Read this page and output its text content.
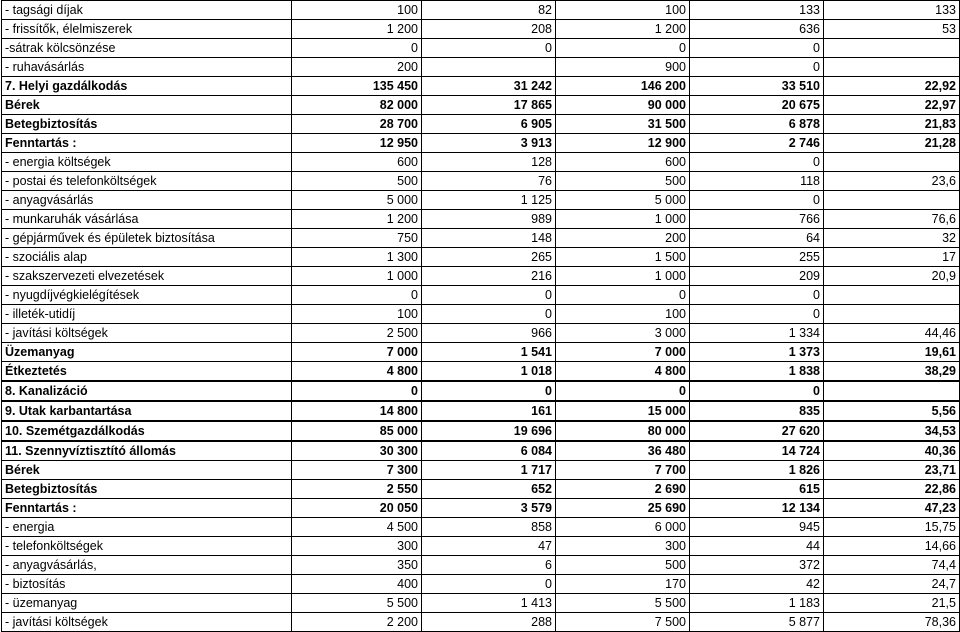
- tagsági díjak	100	82	100	133	133
- frissítők, élelmiszerek	1 200	208	1 200	636	53
-sátrak kölcsönzése	0	0	0	0	
- ruhavásárlás	200		900	0	
7. Helyi gazdálkodás	135 450	31 242	146 200	33 510	22,92
Bérek	82 000	17 865	90 000	20 675	22,97
Betegbiztosítás	28 700	6 905	31 500	6 878	21,83
Fenntartás :	12 950	3 913	12 900	2 746	21,28
- energia költségek	600	128	600	0	
- postai és telefonköltségek	500	76	500	118	23,6
- anyagvásárlás	5 000	1 125	5 000	0	
- munkaruhák vásárlása	1 200	989	1 000	766	76,6
- gépjárművek és épületek biztosítása	750	148	200	64	32
- szociális alap	1 300	265	1 500	255	17
- szakszervezeti elvezetések	1 000	216	1 000	209	20,9
- nyugdíjvégkielégítések	0	0	0	0	
- illeték-utidíj	100	0	100	0	
- javítási költségek	2 500	966	3 000	1 334	44,46
Üzemanyag	7 000	1 541	7 000	1 373	19,61
Étkeztetés	4 800	1 018	4 800	1 838	38,29
8. Kanalizáció	0	0	0	0	
9. Utak karbantartása	14 800	161	15 000	835	5,56
10. Szemétgazdálkodás	85 000	19 696	80 000	27 620	34,53
11. Szennyvíztisztító állomás	30 300	6 084	36 480	14 724	40,36
Bérek	7 300	1 717	7 700	1 826	23,71
Betegbiztosítás	2 550	652	2 690	615	22,86
Fenntartás :	20 050	3 579	25 690	12 134	47,23
- energia	4 500	858	6 000	945	15,75
- telefonköltségek	300	47	300	44	14,66
- anyagvásárlás,	350	6	500	372	74,4
- biztosítás	400	0	170	42	24,7
- üzemanyag	5 500	1 413	5 500	1 183	21,5
- javítási költségek	2 200	288	7 500	5 877	78,36
